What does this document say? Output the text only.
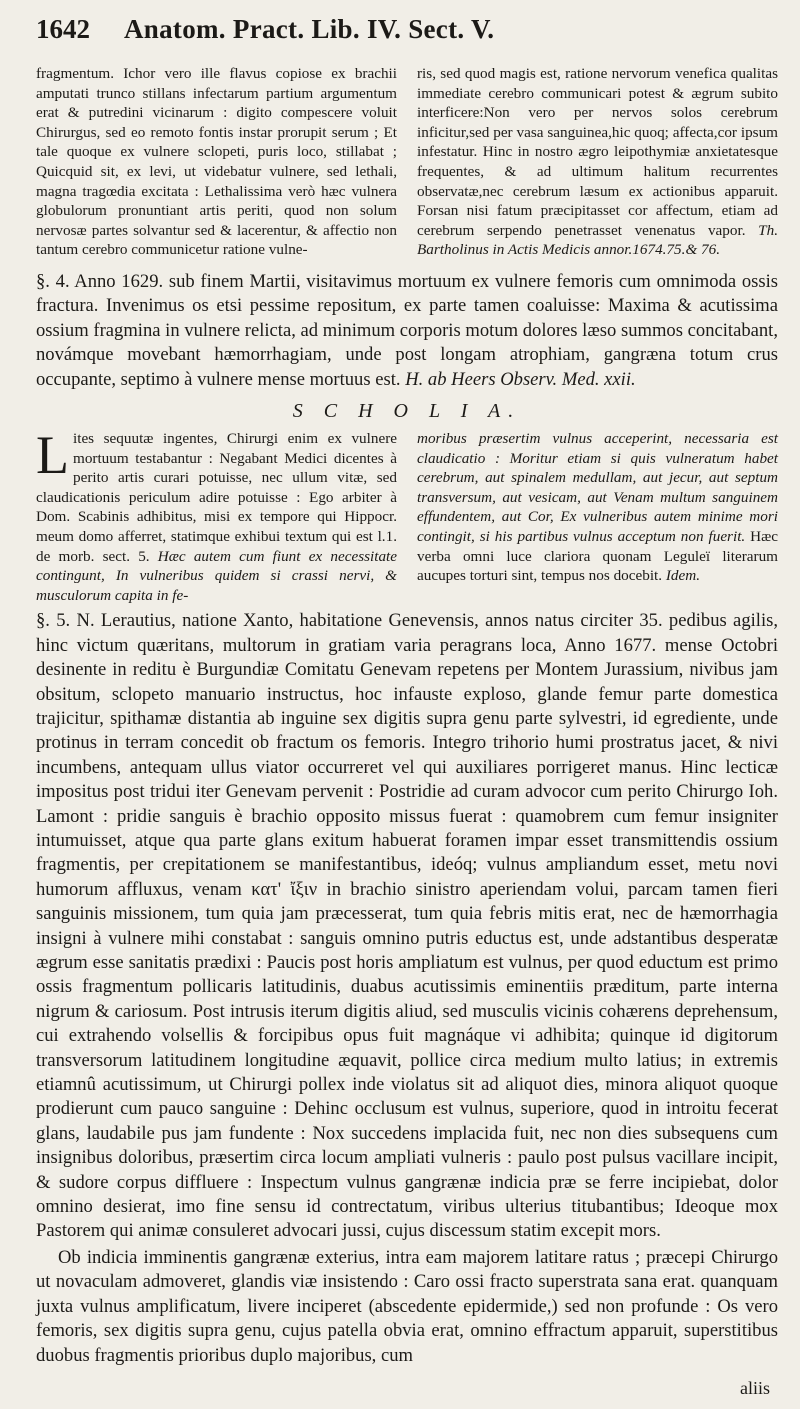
1642 Anatom. Pract. Lib. IV. Sect. V.

fragmentum. Ichor vero ille flavus copiose ex brachii amputati trunco stillans infectarum partium argumentum erat & putredini vicinarum : digito compescere voluit Chirurgus, sed eo remoto fontis instar prorupit serum ; Et tale quoque ex vulnere sclopeti, puris loco, stillabat ; Quicquid sit, ex levi, ut videbatur vulnere, sed lethali, magna tragœdia excitata : Lethalissima verò hæc vulnera globulorum pronuntiant artis periti, quod non solum nervosæ partes solvantur sed & lacerentur, & affectio non tantum cerebro communicetur ratione vulne-

ris, sed quod magis est, ratione nervorum venefica qualitas immediate cerebro communicari potest & ægrum subito interficere:Non vero per nervos solos cerebrum inficitur,sed per vasa sanguinea,hic quoq; affecta,cor ipsum infestatur. Hinc in nostro ægro leipothymiæ anxietatesque frequentes, & ad ultimum halitum recurrentes observatæ,nec cerebrum læsum ex actionibus apparuit. Forsan nisi fatum præcipitasset cor affectum, etiam ad cerebrum serpendo penetrasset venenatus vapor. Th. Bartholinus in Actis Medicis annor.1674.75.& 76.

§. 4. Anno 1629. sub finem Martii, visitavimus mortuum ex vulnere femoris cum omnimoda ossis fractura. Invenimus os etsi pessime repositum, ex parte tamen coaluisse: Maxima & acutissima ossium fragmina in vulnere relicta, ad minimum corporis motum dolores læso summos concitabant, novámque movebant hæmorrhagiam, unde post longam atrophiam, gangræna totum crus occupante, septimo à vulnere mense mortuus est. H. ab Heers Observ. Med. xxii.

S C H O L I A.

Lites sequutæ ingentes, Chirurgi enim ex vulnere mortuum testabantur : Negabant Medici dicentes à perito artis curari potuisse, nec ullum vitæ, sed claudicationis periculum adire potuisse : Ego arbiter à Dom. Scabinis adhibitus, misi ex tempore qui Hippocr. meum domo afferret, statimque exhibui textum qui est l.1. de morb. sect. 5. Hæc autem cum fiunt ex necessitate contingunt, In vulneribus quidem si crassi nervi, & musculorum capita in fe-

moribus præsertim vulnus acceperint, necessaria est claudicatio : Moritur etiam si quis vulneratum habet cerebrum, aut spinalem medullam, aut jecur, aut septum transversum, aut vesicam, aut Venam multum sanguinem effundentem, aut Cor, Ex vulneribus autem minime mori contingit, si his partibus vulnus acceptum non fuerit. Hæc verba omni luce clariora quonam Leguleï literarum aucupes torturi sint, tempus nos docebit. Idem.

§. 5. N. Lerautius, natione Xanto, habitatione Genevensis, annos natus circiter 35. pedibus agilis, hinc victum quæritans, multorum in gratiam varia peragrans loca, Anno 1677. mense Octobri desinente in reditu è Burgundiæ Comitatu Genevam repetens per Montem Jurassium, nivibus jam obsitum, sclopeto manuario instructus, hoc infauste exploso, glande femur parte domestica trajicitur, spithamæ distantia ab inguine sex digitis supra genu parte sylvestri, id egrediente, unde protinus in terram concedit ob fractum os femoris. Integro trihorio humi prostratus jacet, & nivi incumbens, antequam ullus viator occurreret vel qui auxiliares porrigeret manus. Hinc lecticæ impositus post tridui iter Genevam pervenit : Postridie ad curam advocor cum perito Chirurgo Ioh. Lamont : pridie sanguis è brachio opposito missus fuerat : quamobrem cum femur insigniter intumuisset, atque qua parte glans exitum habuerat foramen impar esset transmittendis ossium fragmentis, per crepitationem se manifestantibus, ideóq; vulnus ampliandum esset, metu novi humorum affluxus, venam κατ' ἴξιν in brachio sinistro aperiendam volui, parcam tamen fieri sanguinis missionem, tum quia jam præcesserat, tum quia febris mitis erat, nec de hæmorrhagia insigni à vulnere mihi constabat : sanguis omnino putris eductus est, unde adstantibus desperatæ ægrum esse sanitatis prædixi : Paucis post horis ampliatum est vulnus, per quod eductum est primo ossis fragmentum pollicaris latitudinis, duabus acutissimis eminentiis præditum, parte interna nigrum & cariosum. Post intrusis iterum digitis aliud, sed musculis vicinis cohærens deprehensum, cui extrahendo volsellis & forcipibus opus fuit magnáque vi adhibita; quinque id digitorum transversorum latitudinem longitudine æquavit, pollice circa medium multo latius; in extremis etiamnû acutissimum, ut Chirurgi pollex inde violatus sit ad aliquot dies, minora aliquot quoque prodierunt cum pauco sanguine : Dehinc occlusum est vulnus, superiore, quod in introitu fecerat glans, laudabile pus jam fundente : Nox succedens implacida fuit, nec non dies subsequens cum insignibus doloribus, præsertim circa locum ampliati vulneris : paulo post pulsus vacillare incipit, & sudore corpus diffluere : Inspectum vulnus gangrænæ indicia præ se ferre incipiebat, dolor omnino desierat, imo fine sensu id contrectatum, viribus ulterius titubantibus; Ideoque mox Pastorem qui animæ consuleret advocari jussi, cujus discessum statim excepit mors.

Ob indicia imminentis gangrænæ exterius, intra eam majorem latitare ratus ; præcepi Chirurgo ut novaculam admoveret, glandis viæ insistendo : Caro ossi fracto superstrata sana erat. quanquam juxta vulnus amplificatum, livere inciperet (abscedente epidermide,) sed non profunde : Os vero femoris, sex digitis supra genu, cujus patella obvia erat, omnino effractum apparuit, superstitibus duobus fragmentis prioribus duplo majoribus, cum

aliis
